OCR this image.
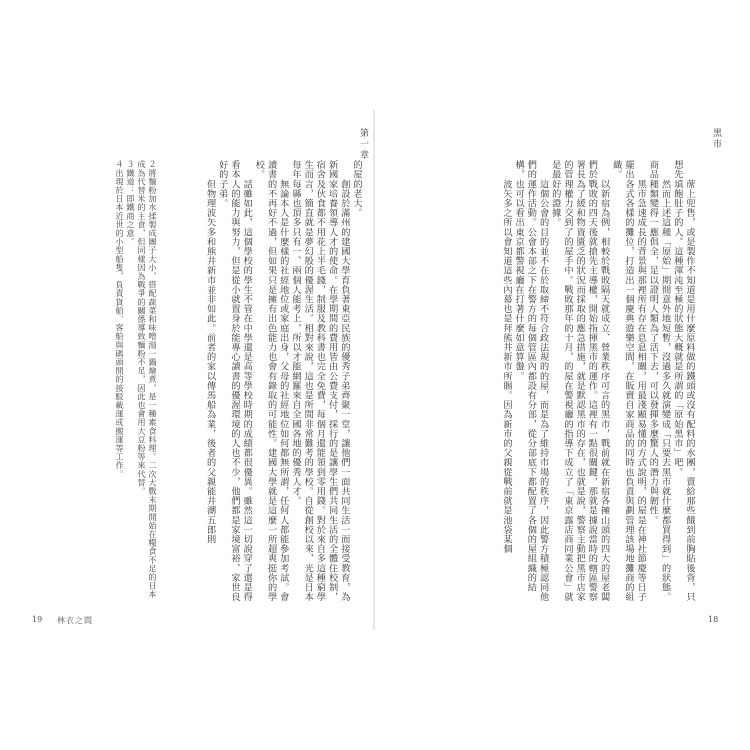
第一章
的屋的老大。
　　創設於滿州的建國大學育負著東亞民族的優秀子弟齊聚一堂，讓他們一面共同生活一面接受教育，為新國家培養領導人才的使命。在學期間的費用皆由公費支付，採行的是讓學生們共同生活的全體住校制，宿舍及伙食都不用花上半毛錢，制服及教科書也完全免費，每個月還能領到零用錢。對於來自多這種窮學生而言，簡直就是夢幻般的優渥生活。相對來說，這也是所間非常難考的學校。自從創校以來，光是日本每年每縣也頂多只有一、兩個人能考上，所以才能網羅來自全國各地的優秀人才。
　　無論本人是什麼樣的社經地位或家庭出身，父母的社經地位如何都無所謂，任何人都能參加考試。會讀書的不再好不過，但如果只是擁有出色能力也會有錄取的可能性。建國大學就是這麼一所超爽挺你的學校。
　　話雖如此，這個學校的學生不管在中學還是高等學校時期的成績都很優異。雖然這一切說穿了還是得看本人的能力與努力，但是從小就置身於能專心讀書的優渥環境的人也不少，他們都是家境富裕、家世良好的子弟。
　　但物理波矢多和熊井新市並非如此。前者的家以傳馬船為業，後者的父親能井潮五郎則
２將麵粉加水揉製成團子大小，搭配蔬菜和味噌湯一鍋燴煮，是一種素食料理。二次大戰末期開始在糧食不足的日本成為代替米的主食，但同樣因為戰爭的關係導致麵粉不足，因此也會用大豆粉等來代替。
３鐵道：即鐵商之意。
４出現於日本近世的小型船隻，負責貨船、客船與碼頭間的接駁載運或搬運等工作。
19 林衣之間
黑市
　　蓆上兜售，或是製作不知道是用什麼原料做的鐵頭或沒有配料的水團，賣給那些餓到前胸貼後背，只想先填飽肚子的人。這種渾沌至極的狀態大概就是所謂的「原始黑市」吧。
　　然而上述這種「原始」期間意外地短暫，沒過多久就演變成「只要去黑市就什麼都買得到」的狀態。商品種類變得一應俱全，足以證明人類為了活下去，可以發揮多麼驚人的潛力與韌性。
　　黑市急速成長的背景與那裡所有存在息息相關，用最淺顯易懂的方式說明，的屋是在神社節慶等日子擺出各式各樣的攤位，打造出一個慶典遊樂空間，在販賣自家商品的同時也負責與劃管理該場地攤商的組織。
　　以新宿為例，相較於戰敗隔天就成立、營業秩序可言的黑市，戰前就在新宿各擁山頭的四大的屋老闆們於戰敗的四天後就搶先主導權，開始指揮黑市的運作。這裡有一點很關鍵，那就是據說當時的轄區警察署長為了緩和物資匱乏的狀況而採取的應急措施，就是默認黑市的存在，也就是說，警察主動把黑市店家的管理權力交到了的屋手中。戰敗那年的十月，的屋在警視廳的指導下成立了「東京露店商同業公會」就是最好的證據。
　　這個公會的目的並不在於取締不符合政法規的的屋，而是為了維持市場的秩序，因此警方積極認同他們的運作活動。公會本部之下在警方的每個管區內都設有分部，從分部底下都配置了各個的屋組織的結構，也可以看出東京都警視廳在打著什麼如意算盤。
　　波矢多之所以會知道這些內幕也是拜熊井新市所賜。因為新市的父親從戰前就是池袋某個
18
